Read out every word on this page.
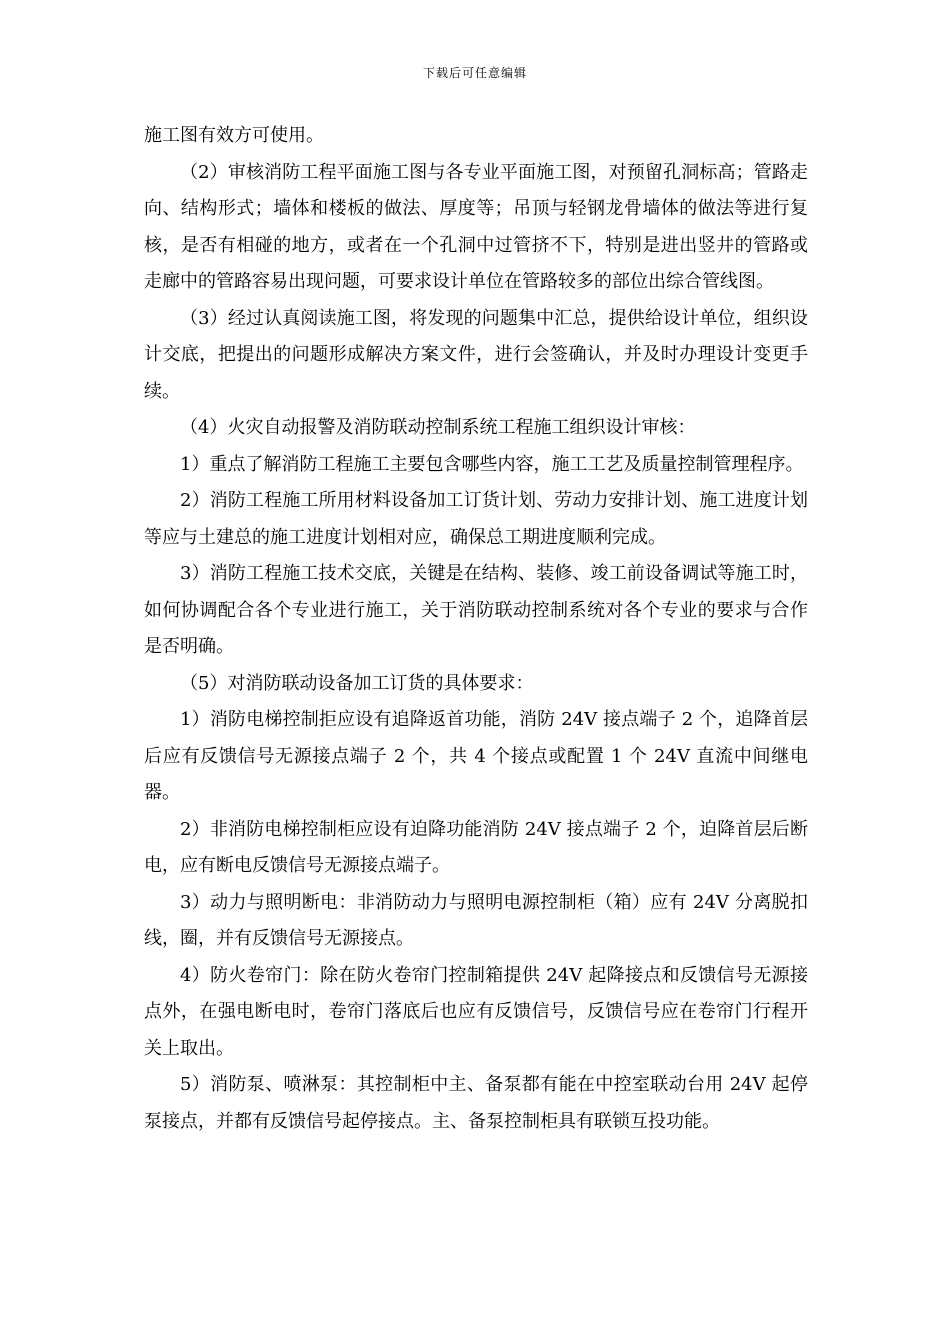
下载后可任意编辑

施工图有效方可使用。

（2）审核消防工程平面施工图与各专业平面施工图，对预留孔洞标高；管路走向、结构形式；墙体和楼板的做法、厚度等；吊顶与轻钢龙骨墙体的做法等进行复核，是否有相碰的地方，或者在一个孔洞中过管挤不下，特别是进出竖井的管路或走廊中的管路容易出现问题，可要求设计单位在管路较多的部位出综合管线图。

（3）经过认真阅读施工图，将发现的问题集中汇总，提供给设计单位，组织设计交底，把提出的问题形成解决方案文件，进行会签确认，并及时办理设计变更手续。

（4）火灾自动报警及消防联动控制系统工程施工组织设计审核：

1）重点了解消防工程施工主要包含哪些内容，施工工艺及质量控制管理程序。

2）消防工程施工所用材料设备加工订货计划、劳动力安排计划、施工进度计划等应与土建总的施工进度计划相对应，确保总工期进度顺利完成。

3）消防工程施工技术交底，关键是在结构、装修、竣工前设备调试等施工时，如何协调配合各个专业进行施工，关于消防联动控制系统对各个专业的要求与合作是否明确。

（5）对消防联动设备加工订货的具体要求：

1）消防电梯控制拒应设有追降返首功能，消防 24V 接点端子 2 个，追降首层后应有反馈信号无源接点端子 2 个，共 4 个接点或配置 1 个 24V 直流中间继电器。

2）非消防电梯控制柜应设有迫降功能消防 24V 接点端子 2 个，迫降首层后断电，应有断电反馈信号无源接点端子。

3）动力与照明断电：非消防动力与照明电源控制柜（箱）应有 24V 分离脱扣线，圈，并有反馈信号无源接点。

4）防火卷帘门：除在防火卷帘门控制箱提供 24V 起降接点和反馈信号无源接点外，在强电断电时，卷帘门落底后也应有反馈信号，反馈信号应在卷帘门行程开关上取出。

5）消防泵、喷淋泵：其控制柜中主、备泵都有能在中控室联动台用 24V 起停泵接点，并都有反馈信号起停接点。主、备泵控制柜具有联锁互投功能。
